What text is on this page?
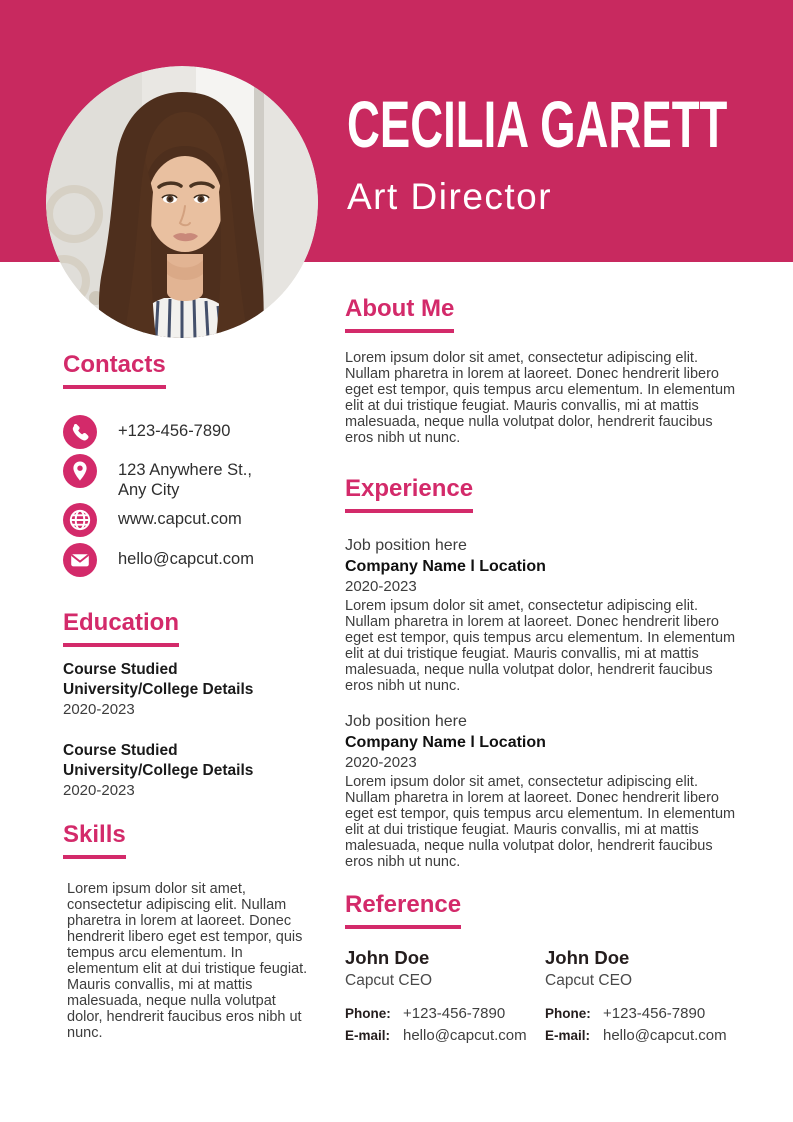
CECILIA GARETT
Art Director
Contacts
+123-456-7890
123 Anywhere St.,
Any City
www.capcut.com
hello@capcut.com
Education
Course Studied
University/College Details
2020-2023
Course Studied
University/College Details
2020-2023
Skills

Lorem ipsum dolor sit amet, consectetur adipiscing elit. Nullam pharetra in lorem at laoreet. Donec hendrerit libero eget est tempor, quis tempus arcu elementum. In elementum elit at dui tristique feugiat. Mauris convallis, mi at mattis malesuada, neque nulla volutpat dolor, hendrerit faucibus eros nibh ut nunc.

About Me

Lorem ipsum dolor sit amet, consectetur adipiscing elit. Nullam pharetra in lorem at laoreet. Donec hendrerit libero eget est tempor, quis tempus arcu elementum. In elementum elit at dui tristique feugiat. Mauris convallis, mi at mattis malesuada, neque nulla volutpat dolor, hendrerit faucibus eros nibh ut nunc.

Experience
Job position here
Company Name l Location
2020-2023

Lorem ipsum dolor sit amet, consectetur adipiscing elit. Nullam pharetra in lorem at laoreet. Donec hendrerit libero eget est tempor, quis tempus arcu elementum. In elementum elit at dui tristique feugiat. Mauris convallis, mi at mattis malesuada, neque nulla volutpat dolor, hendrerit faucibus eros nibh ut nunc.

Job position here
Company Name l Location
2020-2023

Lorem ipsum dolor sit amet, consectetur adipiscing elit. Nullam pharetra in lorem at laoreet. Donec hendrerit libero eget est tempor, quis tempus arcu elementum. In elementum elit at dui tristique feugiat. Mauris convallis, mi at mattis malesuada, neque nulla volutpat dolor, hendrerit faucibus eros nibh ut nunc.

Reference
John Doe
Capcut CEO
Phone: +123-456-7890
E-mail: hello@capcut.com
John Doe
Capcut CEO
Phone: +123-456-7890
E-mail: hello@capcut.com
